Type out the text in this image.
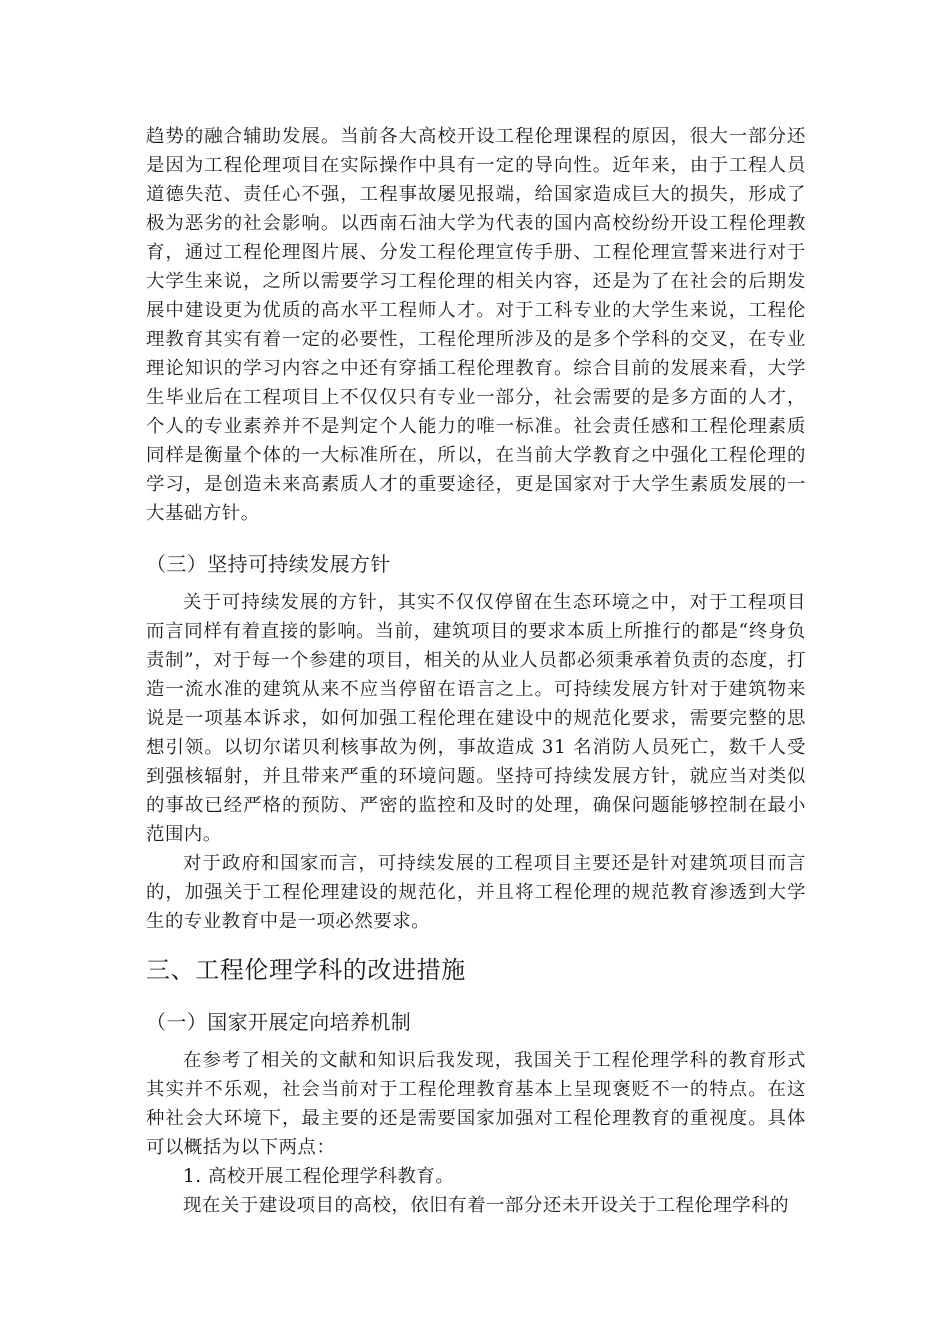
趋势的融合辅助发展。当前各大高校开设工程伦理课程的原因，很大一部分还是因为工程伦理项目在实际操作中具有一定的导向性。近年来，由于工程人员道德失范、责任心不强，工程事故屡见报端，给国家造成巨大的损失，形成了极为恶劣的社会影响。以西南石油大学为代表的国内高校纷纷开设工程伦理教育，通过工程伦理图片展、分发工程伦理宣传手册、工程伦理宣誓来进行对于大学生来说，之所以需要学习工程伦理的相关内容，还是为了在社会的后期发展中建设更为优质的高水平工程师人才。对于工科专业的大学生来说，工程伦理教育其实有着一定的必要性，工程伦理所涉及的是多个学科的交叉，在专业理论知识的学习内容之中还有穿插工程伦理教育。综合目前的发展来看，大学生毕业后在工程项目上不仅仅只有专业一部分，社会需要的是多方面的人才，个人的专业素养并不是判定个人能力的唯一标准。社会责任感和工程伦理素质同样是衡量个体的一大标准所在，所以，在当前大学教育之中强化工程伦理的学习，是创造未来高素质人才的重要途径，更是国家对于大学生素质发展的一大基础方针。

（三）坚持可持续发展方针

关于可持续发展的方针，其实不仅仅停留在生态环境之中，对于工程项目而言同样有着直接的影响。当前，建筑项目的要求本质上所推行的都是“终身负责制”，对于每一个参建的项目，相关的从业人员都必须秉承着负责的态度，打造一流水准的建筑从来不应当停留在语言之上。可持续发展方针对于建筑物来说是一项基本诉求，如何加强工程伦理在建设中的规范化要求，需要完整的思想引领。以切尔诺贝利核事故为例，事故造成 31 名消防人员死亡，数千人受到强核辐射，并且带来严重的环境问题。坚持可持续发展方针，就应当对类似的事故已经严格的预防、严密的监控和及时的处理，确保问题能够控制在最小范围内。

对于政府和国家而言，可持续发展的工程项目主要还是针对建筑项目而言的，加强关于工程伦理建设的规范化，并且将工程伦理的规范教育渗透到大学生的专业教育中是一项必然要求。

三、工程伦理学科的改进措施
（一）国家开展定向培养机制

在参考了相关的文献和知识后我发现，我国关于工程伦理学科的教育形式其实并不乐观，社会当前对于工程伦理教育基本上呈现褒贬不一的特点。在这种社会大环境下，最主要的还是需要国家加强对工程伦理教育的重视度。具体可以概括为以下两点：

1. 高校开展工程伦理学科教育。

现在关于建设项目的高校，依旧有着一部分还未开设关于工程伦理学科的
